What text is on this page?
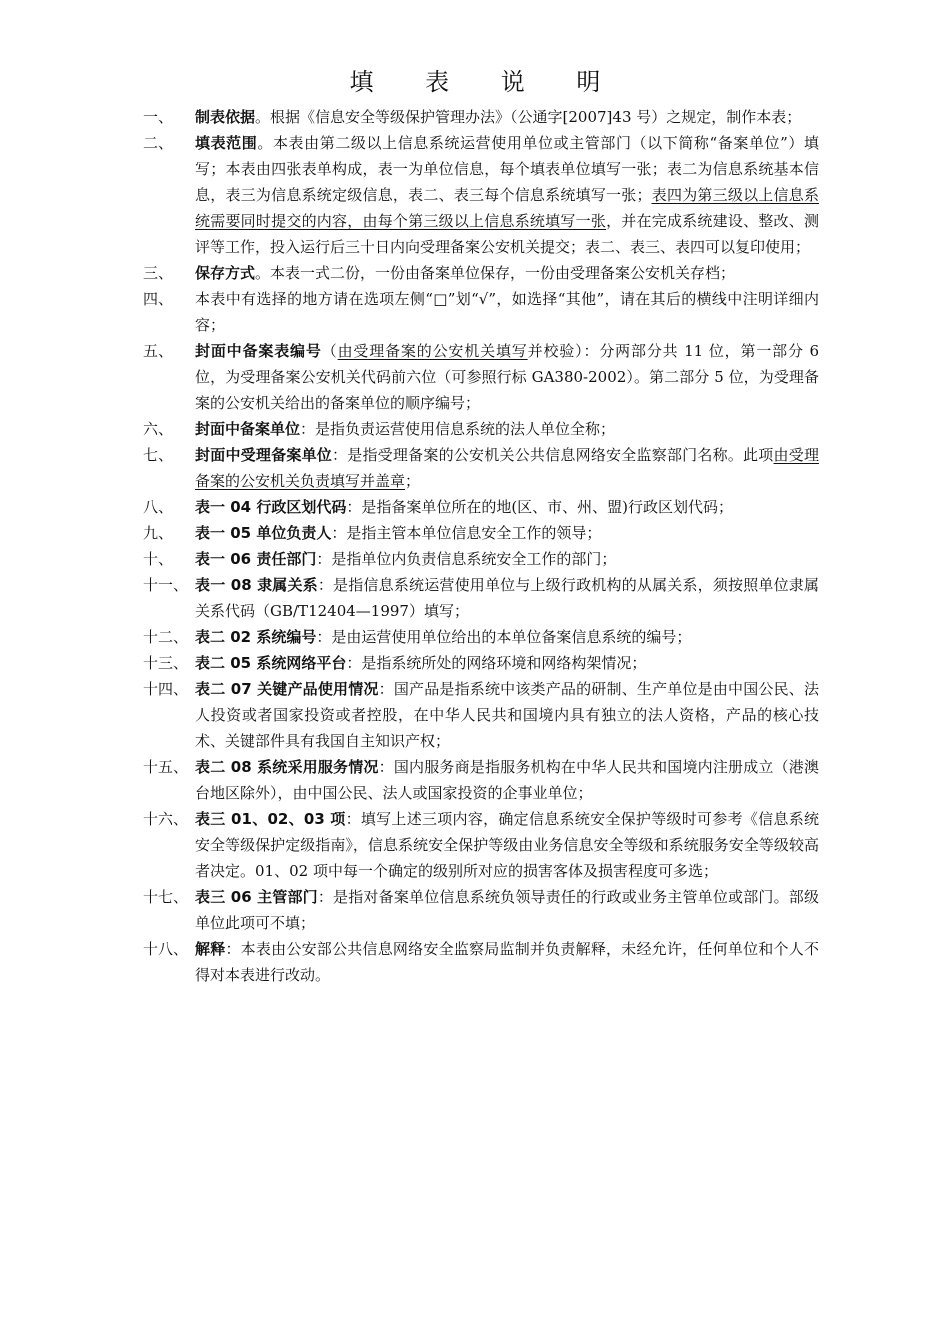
填 表 说 明
一、	制表依据。根据《信息安全等级保护管理办法》（公通字[2007]43 号）之规定，制作本表；
二、	填表范围。本表由第二级以上信息系统运营使用单位或主管部门（以下简称“备案单位”）填写；本表由四张表单构成，表一为单位信息，每个填表单位填写一张；表二为信息系统基本信息，表三为信息系统定级信息，表二、表三每个信息系统填写一张；表四为第三级以上信息系统需要同时提交的内容，由每个第三级以上信息系统填写一张，并在完成系统建设、整改、测评等工作，投入运行后三十日内向受理备案公安机关提交；表二、表三、表四可以复印使用；
三、	保存方式。本表一式二份，一份由备案单位保存，一份由受理备案公安机关存档；
四、	本表中有选择的地方请在选项左侧“□”划“√”，如选择“其他”，请在其后的横线中注明详细内容；
五、	封面中备案表编号（由受理备案的公安机关填写并校验）：分两部分共 11 位，第一部分 6 位，为受理备案公安机关代码前六位（可参照行标 GA380-2002）。第二部分 5 位，为受理备案的公安机关给出的备案单位的顺序编号；
六、	封面中备案单位：是指负责运营使用信息系统的法人单位全称；
七、	封面中受理备案单位：是指受理备案的公安机关公共信息网络安全监察部门名称。此项由受理备案的公安机关负责填写并盖章；
八、	表一 04 行政区划代码：是指备案单位所在的地(区、市、州、盟)行政区划代码；
九、	表一 05 单位负责人：是指主管本单位信息安全工作的领导；
十、	表一 06 责任部门：是指单位内负责信息系统安全工作的部门；
十一、 表一 08 隶属关系：是指信息系统运营使用单位与上级行政机构的从属关系，须按照单位隶属关系代码（GB/T12404—1997）填写；
十二、 表二 02 系统编号：是由运营使用单位给出的本单位备案信息系统的编号；
十三、 表二 05 系统网络平台：是指系统所处的网络环境和网络构架情况；
十四、 表二 07 关键产品使用情况：国产品是指系统中该类产品的研制、生产单位是由中国公民、法人投资或者国家投资或者控股，在中华人民共和国境内具有独立的法人资格，产品的核心技术、关键部件具有我国自主知识产权；
十五、 表二 08 系统采用服务情况：国内服务商是指服务机构在中华人民共和国境内注册成立（港澳台地区除外），由中国公民、法人或国家投资的企事业单位；
十六、 表三 01、02、03 项：填写上述三项内容，确定信息系统安全保护等级时可参考《信息系统安全等级保护定级指南》，信息系统安全保护等级由业务信息安全等级和系统服务安全等级较高者决定。01、02 项中每一个确定的级别所对应的损害客体及损害程度可多选；
十七、 表三 06 主管部门：是指对备案单位信息系统负领导责任的行政或业务主管单位或部门。部级单位此项可不填；
十八、 解释：本表由公安部公共信息网络安全监察局监制并负责解释，未经允许，任何单位和个人不得对本表进行改动。
